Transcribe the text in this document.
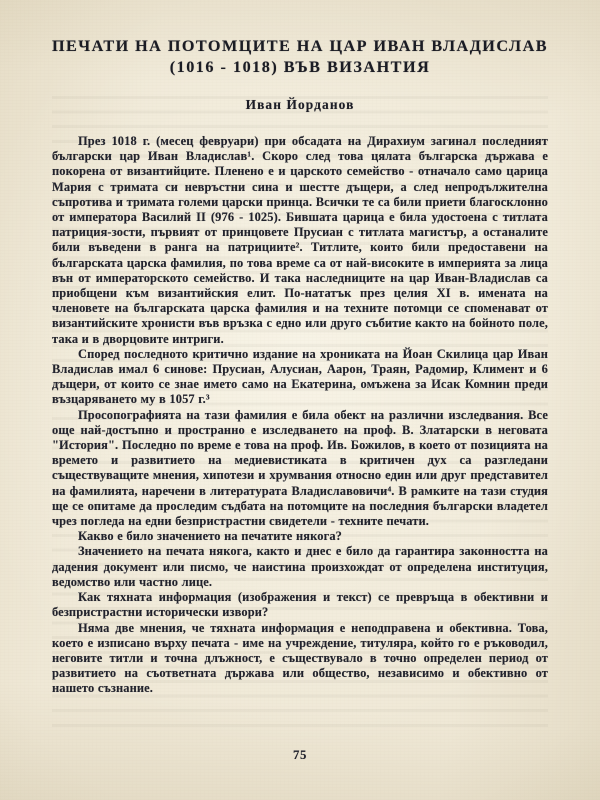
ПЕЧАТИ НА ПОТОМЦИТЕ НА ЦАР ИВАН ВЛАДИСЛАВ
(1016 - 1018) ВЪВ ВИЗАНТИЯ
Иван Йорданов

През 1018 г. (месец февруари) при обсадата на Дирахиум загинал последният български цар Иван Владислав¹. Скоро след това цялата българска държава е покорена от византийците. Пленено е и царското семейство - отначало само царица Мария с тримата си невръстни сина и шестте дъщери, а след непродължителна съпротива и тримата големи царски принца. Всички те са били приети благосклонно от императора Василий II (976 - 1025). Бившата царица е била удостоена с титлата патриция-зости, първият от принцовете Прусиан с титлата магистър, а останалите били въведени в ранга на патрициите². Титлите, които били предоставени на българската царска фамилия, по това време са от най-високите в империята за лица вън от императорското семейство. И така наследниците на цар Иван-Владислав са приобщени към византийския елит. По-нататък през целия XI в. имената на членовете на българската царска фамилия и на техните потомци се споменават от византийските хронисти във връзка с едно или друго събитие както на бойното поле, така и в дворцовите интриги.

Според последното критично издание на хрониката на Йоан Скилица цар Иван Владислав имал 6 синове: Прусиан, Алусиан, Аарон, Траян, Радомир, Климент и 6 дъщери, от които се знае името само на Екатерина, омъжена за Исак Комнин преди възцаряването му в 1057 г.³

Просопографията на тази фамилия е била обект на различни изследвания. Все още най-достъпно и пространно е изследването на проф. В. Златарски в неговата "История". Последно по време е това на проф. Ив. Божилов, в което от позицията на времето и развитието на медиевистиката в критичен дух са разгледани съществуващите мнения, хипотези и хрумвания относно един или друг представител на фамилията, наречени в литературата Владиславовичи⁴. В рамките на тази студия ще се опитаме да проследим съдбата на потомците на последния български владетел чрез погледа на едни безпристрастни свидетели - техните печати.

Какво е било значението на печатите някога?

Значението на печата някога, както и днес е било да гарантира законността на дадения документ или писмо, че наистина произхождат от определена институция, ведомство или частно лице.

Как тяхната информация (изображения и текст) се превръща в обективни и безпристрастни исторически извори?

Няма две мнения, че тяхната информация е неподправена и обективна. Това, което е изписано върху печата - име на учреждение, титуляра, който го е ръководил, неговите титли и точна длъжност, е съществувало в точно определен период от развитието на съответната държава или общество, независимо и обективно от нашето съзнание.

75
